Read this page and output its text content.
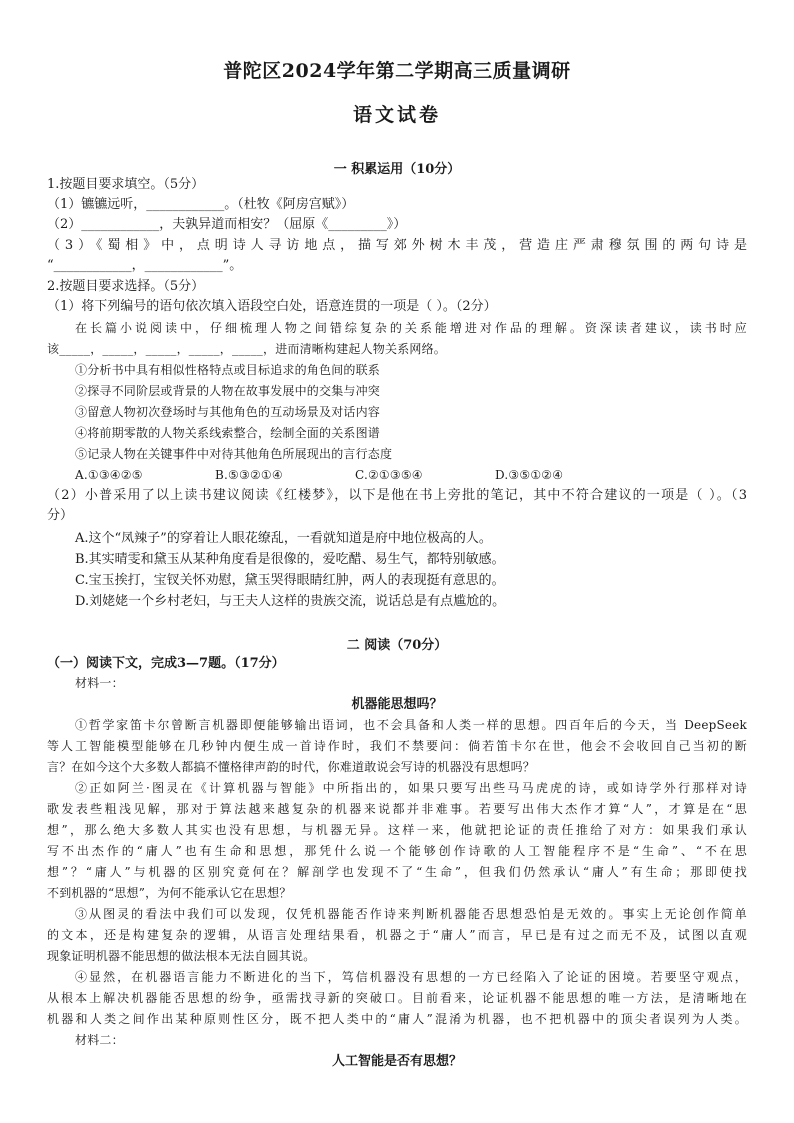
普陀区2024学年第二学期高三质量调研
语文试卷
一 积累运用（10分）
1.按题目要求填空。（5分）
（1）镳镳远听，____________。（杜牧《阿房宫赋》）
（2）____________，夫孰异道而相安？（屈原《_________》）
（3）《蜀相》中，点明诗人寻访地点，描写郊外树木丰茂，营造庄严肃穆氛围的两句诗是
“____________，____________”。
2.按题目要求选择。（5分）
（1）将下列编号的语句依次填入语段空白处，语意连贯的一项是（ ）。（2分）
在长篇小说阅读中，仔细梳理人物之间错综复杂的关系能增进对作品的理解。资深读者建议，读书时应
该_____，_____，_____，_____，_____，进而清晰构建起人物关系网络。
①分析书中具有相似性格特点或目标追求的角色间的联系
②探寻不同阶层或背景的人物在故事发展中的交集与冲突
③留意人物初次登场时与其他角色的互动场景及对话内容
④将前期零散的人物关系线索整合，绘制全面的关系图谱
⑤记录人物在关键事件中对待其他角色所展现出的言行态度
A.①③④②⑤	B.⑤③②①④	C.②①③⑤④	D.③⑤①②④
（2）小普采用了以上读书建议阅读《红楼梦》，以下是他在书上旁批的笔记，其中不符合建议的一项是（ ）。（3
分）
A.这个“凤辣子”的穿着让人眼花缭乱，一看就知道是府中地位极高的人。
B.其实晴雯和黛玉从某种角度看是很像的，爱吃醋、易生气，都特别敏感。
C.宝玉挨打，宝钗关怀劝慰，黛玉哭得眼睛红肿，两人的表现挺有意思的。
D.刘姥姥一个乡村老妇，与王夫人这样的贵族交流，说话总是有点尴尬的。
二 阅读（70分）
（一）阅读下文，完成3—7题。（17分）
材料一：
机器能思想吗？
①哲学家笛卡尔曾断言机器即便能够输出语词，也不会具备和人类一样的思想。四百年后的今天，当 DeepSeek
等人工智能模型能够在几秒钟内便生成一首诗作时，我们不禁要问：倘若笛卡尔在世，他会不会收回自己当初的断
言？在如今这个大多数人都搞不懂格律声韵的时代，你难道敢说会写诗的机器没有思想吗？
②正如阿兰·图灵在《计算机器与智能》中所指出的，如果只要写出些马马虎虎的诗，或如诗学外行那样对诗
歌发表些粗浅见解，那对于算法越来越复杂的机器来说都并非难事。若要写出伟大杰作才算“人”，才算是在“思
想”，那么绝大多数人其实也没有思想，与机器无异。这样一来，他就把论证的责任推给了对方：如果我们承认
写不出杰作的“庸人”也有生命和思想，那凭什么说一个能够创作诗歌的人工智能程序不是“生命”、“不在思
想”？“庸人”与机器的区别究竟何在？解剖学也发现不了“生命”，但我们仍然承认“庸人”有生命；那即使找
不到机器的“思想”，为何不能承认它在思想？
③从图灵的看法中我们可以发现，仅凭机器能否作诗来判断机器能否思想恐怕是无效的。事实上无论创作简单
的文本，还是构建复杂的逻辑，从语言处理结果看，机器之于“庸人”而言，早已是有过之而无不及，试图以直观
现象证明机器不能思想的做法根本无法自圆其说。
④显然，在机器语言能力不断进化的当下，笃信机器没有思想的一方已经陷入了论证的困境。若要坚守观点，
从根本上解决机器能否思想的纷争，亟需找寻新的突破口。目前看来，论证机器不能思想的唯一方法，是清晰地在
机器和人类之间作出某种原则性区分，既不把人类中的“庸人”混淆为机器，也不把机器中的顶尖者误列为人类。
材料二：
人工智能是否有思想？
